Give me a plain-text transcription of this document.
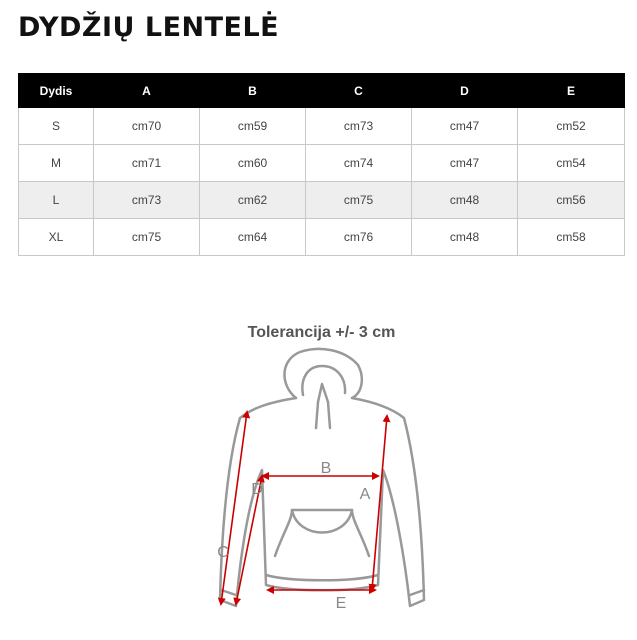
DYDŽIŲ LENTELĖ
Dydis	A	B	C	D	E
S	cm70	cm59	cm73	cm47	cm52
M	cm71	cm60	cm74	cm47	cm54
L	cm73	cm62	cm75	cm48	cm56
XL	cm75	cm64	cm76	cm48	cm58
Tolerancija +/- 3 cm
B
D	A
C
E
